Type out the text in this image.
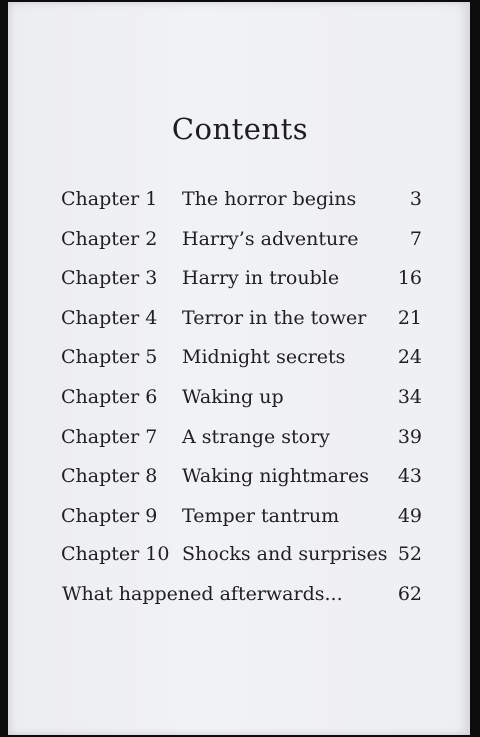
Contents
Chapter 1 The horror begins	3
Chapter 2 Harry’s adventure	7
Chapter 3 Harry in trouble	16
Chapter 4 Terror in the tower 21
Chapter 5 Midnight secrets	24
Chapter 6 Waking up	34
Chapter 7 A strange story	39
Chapter 8 Waking nightmares 43
Chapter 9 Temper tantrum	49
Chapter 10 Shocks and surprises 52
What happened afterwards...	62
